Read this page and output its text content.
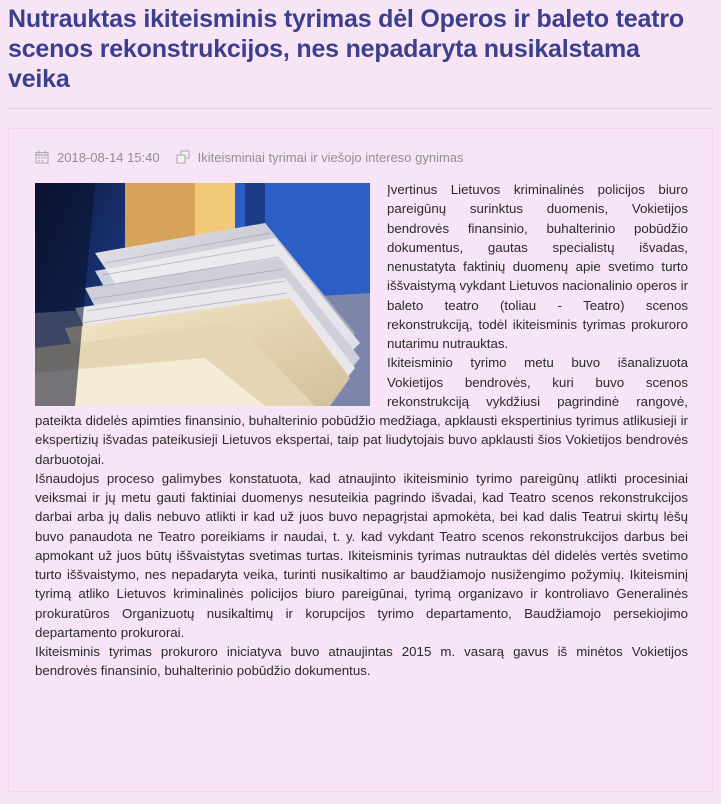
Nutrauktas ikiteisminis tyrimas dėl Operos ir baleto teatro scenos rekonstrukcijos, nes nepadaryta nusikalstama veika
2018-08-14 15:40	Ikiteisminiai tyrimai ir viešojo intereso gynimas

Įvertinus Lietuvos kriminalinės policijos biuro pareigūnų surinktus duomenis, Vokietijos bendrovės finansinio, buhalterinio pobūdžio dokumentus, gautas specialistų išvadas, nenustatyta faktinių duomenų apie svetimo turto iššvaistymą vykdant Lietuvos nacionalinio operos ir baleto teatro (toliau - Teatro) scenos rekonstrukciją, todėl ikiteisminis tyrimas prokuroro nutarimu nutrauktas.

Ikiteisminio tyrimo metu buvo išanalizuota Vokietijos bendrovės, kuri buvo scenos rekonstrukciją vykdžiusi pagrindinė rangovė, pateikta didelės apimties finansinio, buhalterinio pobūdžio medžiaga, apklausti ekspertinius tyrimus atlikusieji ir ekspertizių išvadas pateikusieji Lietuvos ekspertai, taip pat liudytojais buvo apklausti šios Vokietijos bendrovės darbuotojai.

Išnaudojus proceso galimybes konstatuota, kad atnaujinto ikiteisminio tyrimo pareigūnų atlikti procesiniai veiksmai ir jų metu gauti faktiniai duomenys nesuteikia pagrindo išvadai, kad Teatro scenos rekonstrukcijos darbai arba jų dalis nebuvo atlikti ir kad už juos buvo nepagrįstai apmokėta, bei kad dalis Teatrui skirtų lėšų buvo panaudota ne Teatro poreikiams ir naudai, t. y. kad vykdant Teatro scenos rekonstrukcijos darbus bei apmokant už juos būtų iššvaistytas svetimas turtas. Ikiteisminis tyrimas nutrauktas dėl didelės vertės svetimo turto iššvaistymo, nes nepadaryta veika, turinti nusikaltimo ar baudžiamojo nusižengimo požymių. Ikiteisminį tyrimą atliko Lietuvos kriminalinės policijos biuro pareigūnai, tyrimą organizavo ir kontroliavo Generalinės prokuratūros Organizuotų nusikaltimų ir korupcijos tyrimo departamento, Baudžiamojo persekiojimo departamento prokurorai.

Ikiteisminis tyrimas prokuroro iniciatyva buvo atnaujintas 2015 m. vasarą gavus iš minėtos Vokietijos bendrovės finansinio, buhalterinio pobūdžio dokumentus.
